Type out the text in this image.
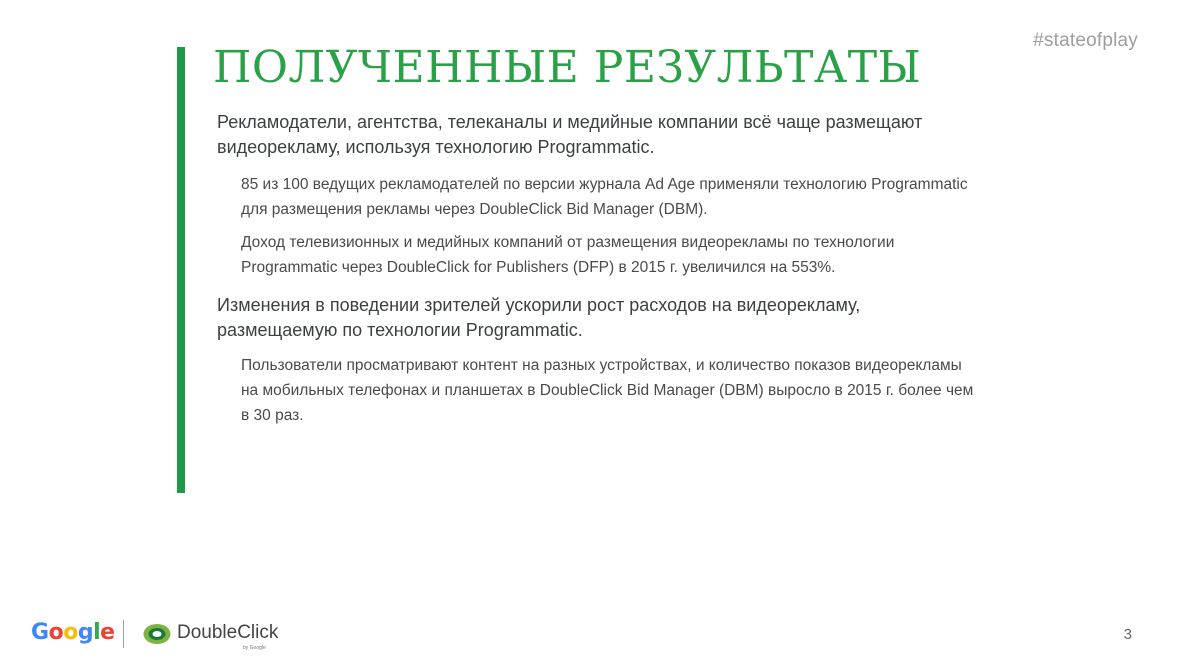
#stateofplay
ПОЛУЧЕННЫЕ РЕЗУЛЬТАТЫ

Рекламодатели, агентства, телеканалы и медийные компании всё чаще размещают видеорекламу, используя технологию Programmatic.

85 из 100 ведущих рекламодателей по версии журнала Ad Age применяли технологию Programmatic для размещения рекламы через DoubleClick Bid Manager (DBM).

Доход телевизионных и медийных компаний от размещения видеорекламы по технологии Programmatic через DoubleClick for Publishers (DFP) в 2015 г. увеличился на 553%.

Изменения в поведении зрителей ускорили рост расходов на видеорекламу, размещаемую по технологии Programmatic.

Пользователи просматривают контент на разных устройствах, и количество показов видеорекламы на мобильных телефонах и планшетах в DoubleClick Bid Manager (DBM) выросло в 2015 г. более чем в 30 раз.

Google	DoubleClick
by Google
3
